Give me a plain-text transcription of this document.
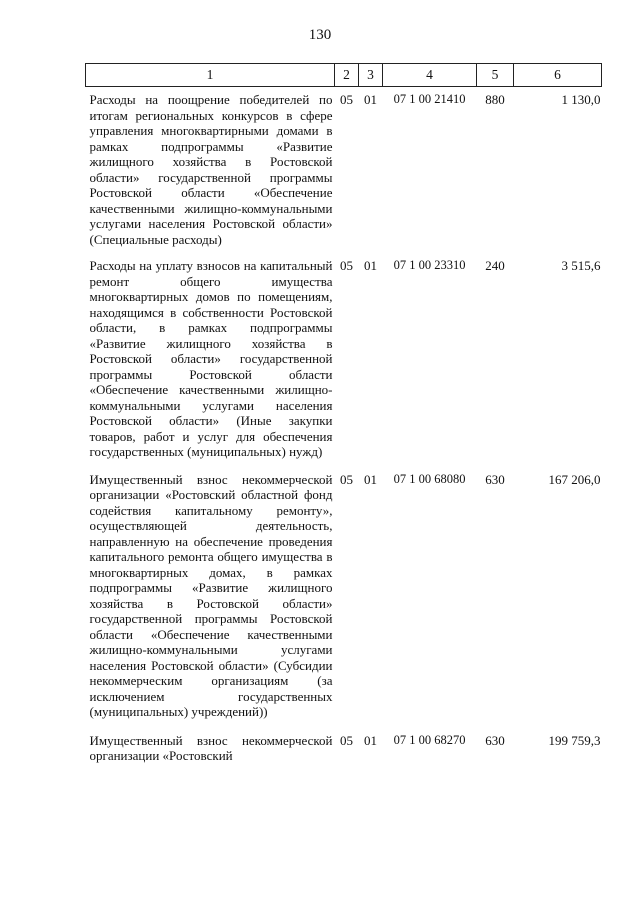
130
1	2	3	4	5	6
Расходы на поощрение победителей по итогам региональных конкурсов в сфере управления многоквартирными домами в рамках подпрограммы «Развитие жилищного хозяйства в Ростовской области» государственной программы Ростовской области «Обеспечение качественными жилищно-коммунальными услугами населения Ростовской области» (Специальные расходы)	05	01	07 1 00 21410	880	1 130,0
Расходы на уплату взносов на капитальный ремонт общего имущества многоквартирных домов по помещениям, находящимся в собственности Ростовской области, в рамках подпрограммы «Развитие жилищного хозяйства в Ростовской области» государственной программы Ростовской области «Обеспечение качественными жилищно-коммунальными услугами населения Ростовской области» (Иные закупки товаров, работ и услуг для обеспечения государственных (муниципальных) нужд)	05	01	07 1 00 23310	240	3 515,6
Имущественный взнос некоммерческой организации «Ростовский областной фонд содействия капитальному ремонту», осуществляющей деятельность, направленную на обеспечение проведения капитального ремонта общего имущества в многоквартирных домах, в рамках подпрограммы «Развитие жилищного хозяйства в Ростовской области» государственной программы Ростовской области «Обеспечение качественными жилищно-коммунальными услугами населения Ростовской области» (Субсидии некоммерческим организациям (за исключением государственных (муниципальных) учреждений))	05	01	07 1 00 68080	630	167 206,0
Имущественный взнос некоммерческой организации «Ростовский	05	01	07 1 00 68270	630	199 759,3
